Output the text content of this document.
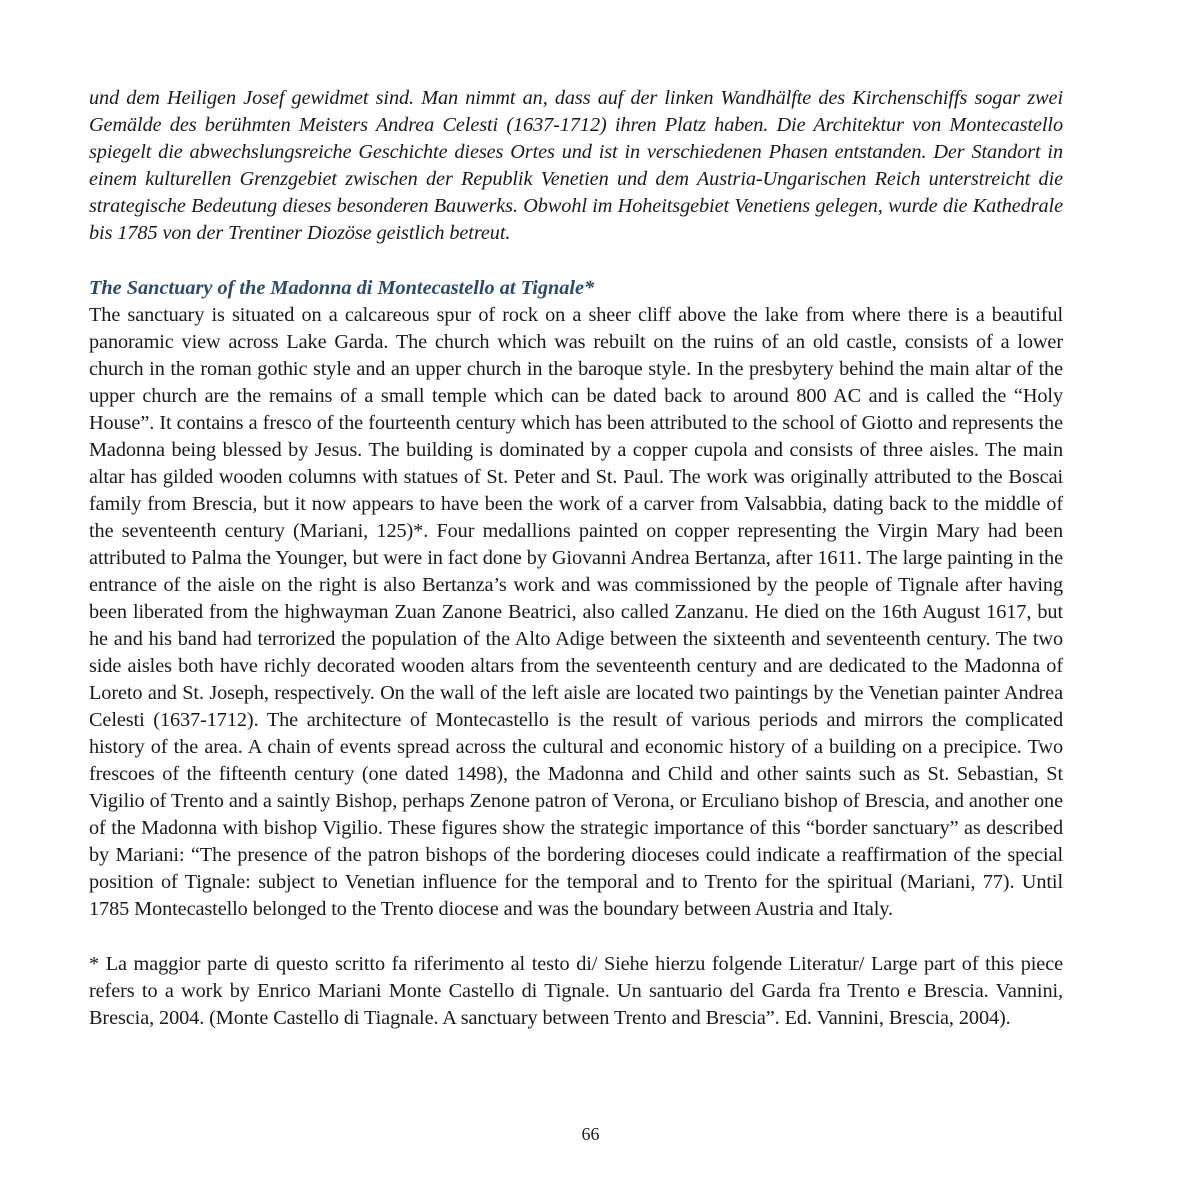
und dem Heiligen Josef gewidmet sind. Man nimmt an, dass auf der linken Wandhälfte des Kirchenschiffs sogar zwei Gemälde des berühmten Meisters Andrea Celesti (1637-1712) ihren Platz haben. Die Architektur von Montecastello spiegelt die abwechslungsreiche Geschichte dieses Ortes und ist in verschiedenen Phasen entstanden. Der Standort in einem kulturellen Grenzgebiet zwischen der Republik Venetien und dem Austria-Ungarischen Reich unterstreicht die strategische Bedeutung dieses besonderen Bauwerks. Obwohl im Hoheitsgebiet Venetiens gelegen, wurde die Kathedrale bis 1785 von der Trentiner Diozöse geistlich betreut.

The Sanctuary of the Madonna di Montecastello at Tignale*

The sanctuary is situated on a calcareous spur of rock on a sheer cliff above the lake from where there is a beautiful panoramic view across Lake Garda. The church which was rebuilt on the ruins of an old castle, consists of a lower church in the roman gothic style and an upper church in the baroque style. In the presbytery behind the main altar of the upper church are the remains of a small temple which can be dated back to around 800 AC and is called the “Holy House”. It contains a fresco of the fourteenth century which has been attributed to the school of Giotto and represents the Madonna being blessed by Jesus. The building is dominated by a copper cupola and consists of three aisles. The main altar has gilded wooden columns with statues of St. Peter and St. Paul. The work was originally attributed to the Boscai family from Brescia, but it now appears to have been the work of a carver from Valsabbia, dating back to the middle of the seventeenth century (Mariani, 125)*. Four medallions painted on copper representing the Virgin Mary had been attributed to Palma the Younger, but were in fact done by Giovanni Andrea Bertanza, after 1611. The large painting in the entrance of the aisle on the right is also Bertanza’s work and was commissioned by the people of Tignale after having been liberated from the highwayman Zuan Zanone Beatrici, also called Zanzanu. He died on the 16th August 1617, but he and his band had terrorized the population of the Alto Adige between the sixteenth and seventeenth century. The two side aisles both have richly decorated wooden altars from the seventeenth century and are dedicated to the Madonna of Loreto and St. Joseph, respectively. On the wall of the left aisle are located two paintings by the Venetian painter Andrea Celesti (1637-1712). The architecture of Montecastello is the result of various periods and mirrors the complicated history of the area. A chain of events spread across the cultural and economic history of a building on a precipice. Two frescoes of the fifteenth century (one dated 1498), the Madonna and Child and other saints such as St. Sebastian, St Vigilio of Trento and a saintly Bishop, perhaps Zenone patron of Verona, or Erculiano bishop of Brescia, and another one of the Madonna with bishop Vigilio. These figures show the strategic importance of this “border sanctuary” as described by Mariani: “The presence of the patron bishops of the bordering dioceses could indicate a reaffirmation of the special position of Tignale: subject to Venetian influence for the temporal and to Trento for the spiritual (Mariani, 77). Until 1785 Montecastello belonged to the Trento diocese and was the boundary between Austria and Italy.

* La maggior parte di questo scritto fa riferimento al testo di/ Siehe hierzu folgende Literatur/ Large part of this piece refers to a work by Enrico Mariani Monte Castello di Tignale. Un santuario del Garda fra Trento e Brescia. Vannini, Brescia, 2004. (Monte Castello di Tiagnale. A sanctuary between Trento and Brescia”. Ed. Vannini, Brescia, 2004).

66
